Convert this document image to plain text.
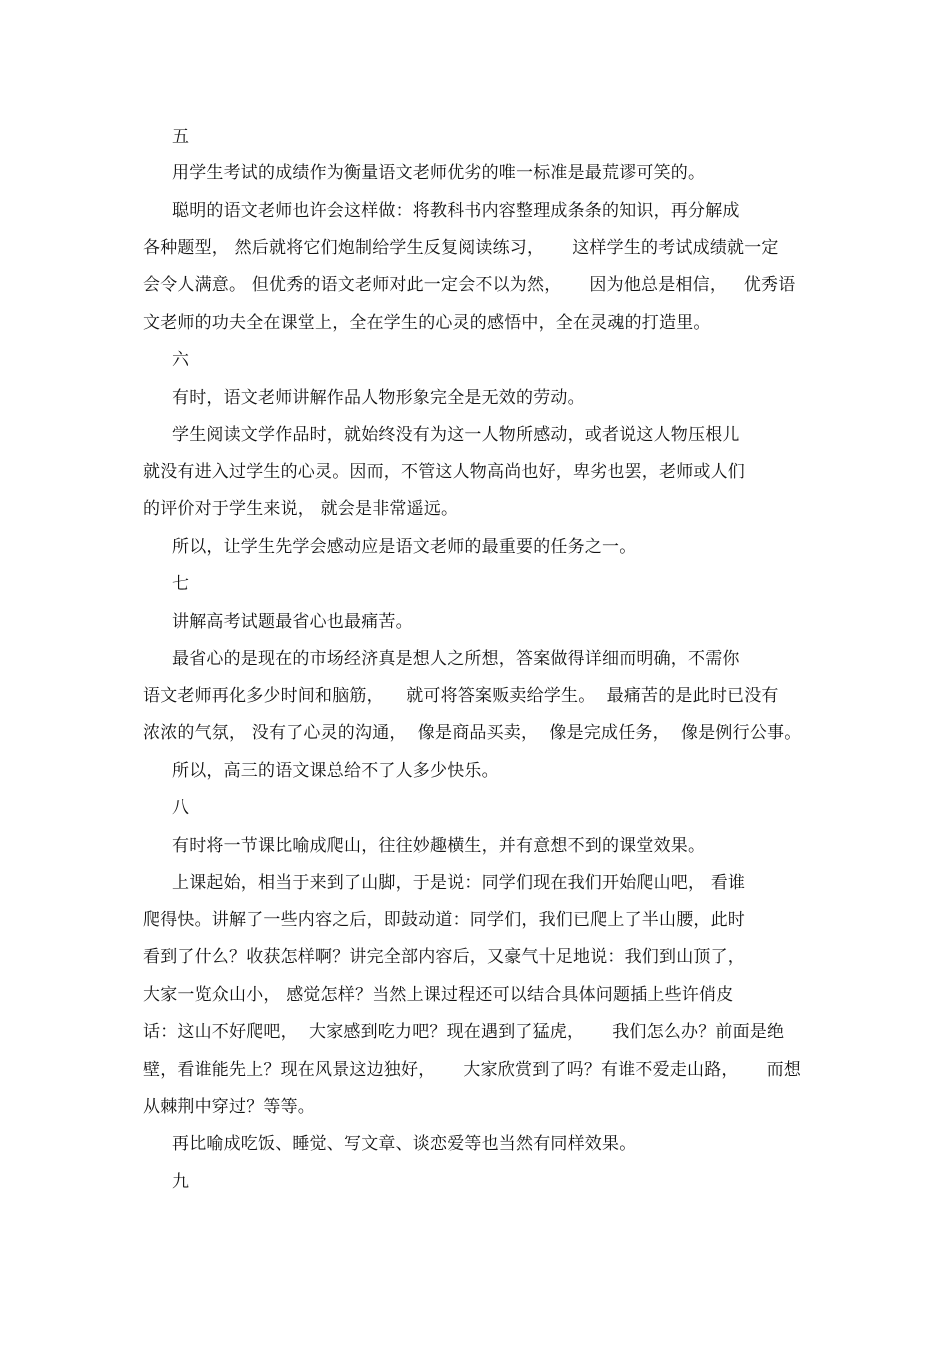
五
用学生考试的成绩作为衡量语文老师优劣的唯一标准是最荒谬可笑的。
聪明的语文老师也许会这样做：将教科书内容整理成条条的知识，再分解成
各种题型， 然后就将它们炮制给学生反复阅读练习，     这样学生的考试成绩就一定
会令人满意。 但优秀的语文老师对此一定会不以为然，     因为他总是相信，   优秀语
文老师的功夫全在课堂上，全在学生的心灵的感悟中，全在灵魂的打造里。
六
有时，语文老师讲解作品人物形象完全是无效的劳动。
学生阅读文学作品时，就始终没有为这一人物所感动，或者说这人物压根儿
就没有进入过学生的心灵。因而，不管这人物高尚也好，卑劣也罢，老师或人们
的评价对于学生来说， 就会是非常遥远。
所以，让学生先学会感动应是语文老师的最重要的任务之一。
七
讲解高考试题最省心也最痛苦。
最省心的是现在的市场经济真是想人之所想，答案做得详细而明确，不需你
语文老师再化多少时间和脑筋，    就可将答案贩卖给学生。  最痛苦的是此时已没有
浓浓的气氛， 没有了心灵的沟通，  像是商品买卖，  像是完成任务，  像是例行公事。
所以，高三的语文课总给不了人多少快乐。
八
有时将一节课比喻成爬山，往往妙趣横生，并有意想不到的课堂效果。
上课起始，相当于来到了山脚，于是说：同学们现在我们开始爬山吧， 看谁
爬得快。讲解了一些内容之后，即鼓动道：同学们，我们已爬上了半山腰，此时
看到了什么？收获怎样啊？讲完全部内容后，又豪气十足地说：我们到山顶了，
大家一览众山小， 感觉怎样？当然上课过程还可以结合具体问题插上些许俏皮
话：这山不好爬吧，  大家感到吃力吧？现在遇到了猛虎，     我们怎么办？前面是绝
壁，看谁能先上？现在风景这边独好，     大家欣赏到了吗？有谁不爱走山路，     而想
从棘荆中穿过？等等。
再比喻成吃饭、睡觉、写文章、谈恋爱等也当然有同样效果。
九
